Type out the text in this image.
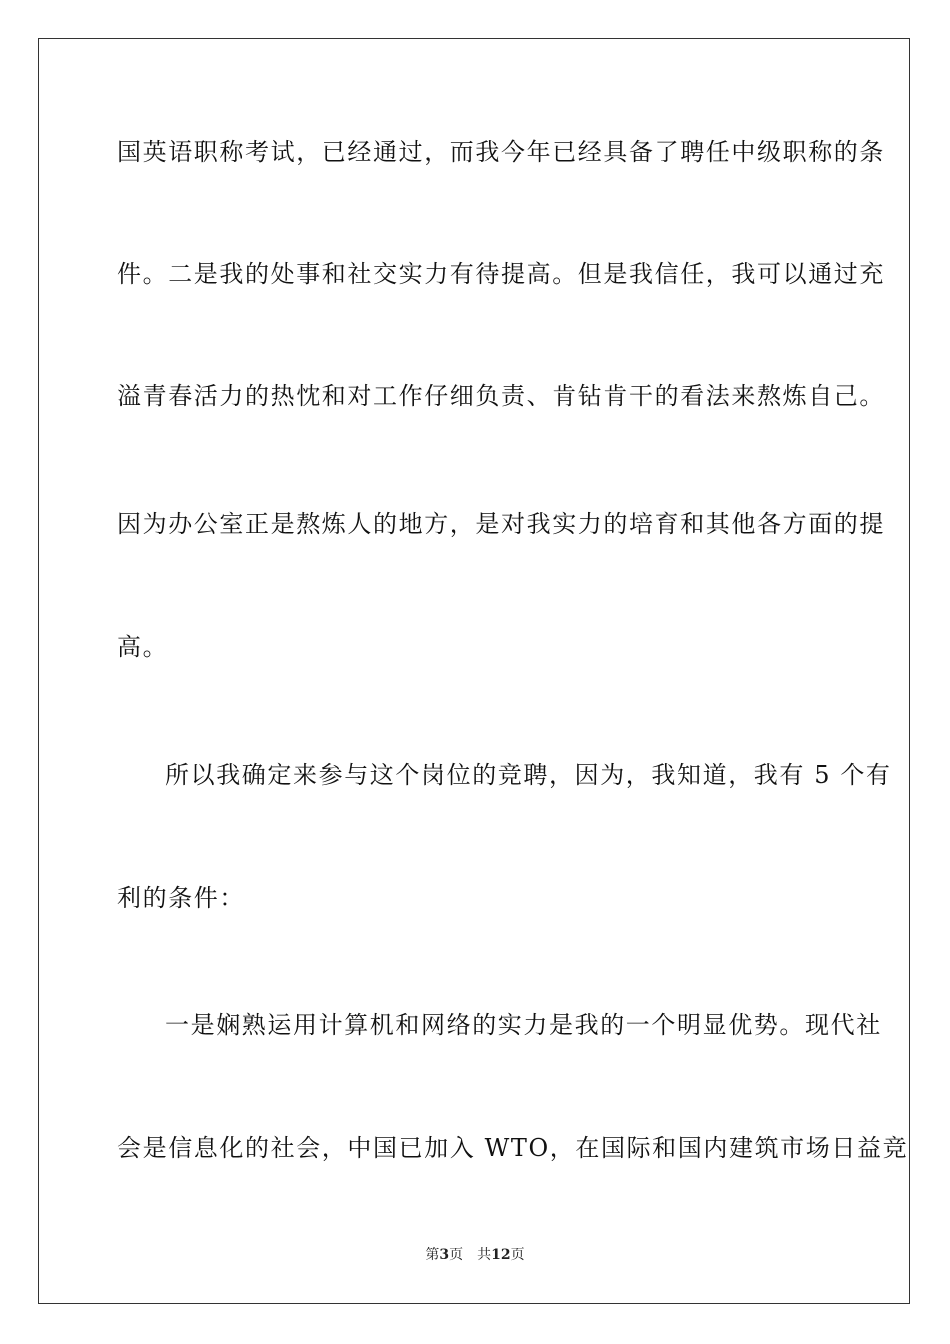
国英语职称考试，已经通过，而我今年已经具备了聘任中级职称的条
件。二是我的处事和社交实力有待提高。但是我信任，我可以通过充
溢青春活力的热忱和对工作仔细负责、肯钻肯干的看法来熬炼自己。
因为办公室正是熬炼人的地方，是对我实力的培育和其他各方面的提
高。
所以我确定来参与这个岗位的竞聘，因为，我知道，我有 5 个有
利的条件：
一是娴熟运用计算机和网络的实力是我的一个明显优势。现代社
会是信息化的社会，中国已加入 WTO，在国际和国内建筑市场日益竞
第3页 共12页
